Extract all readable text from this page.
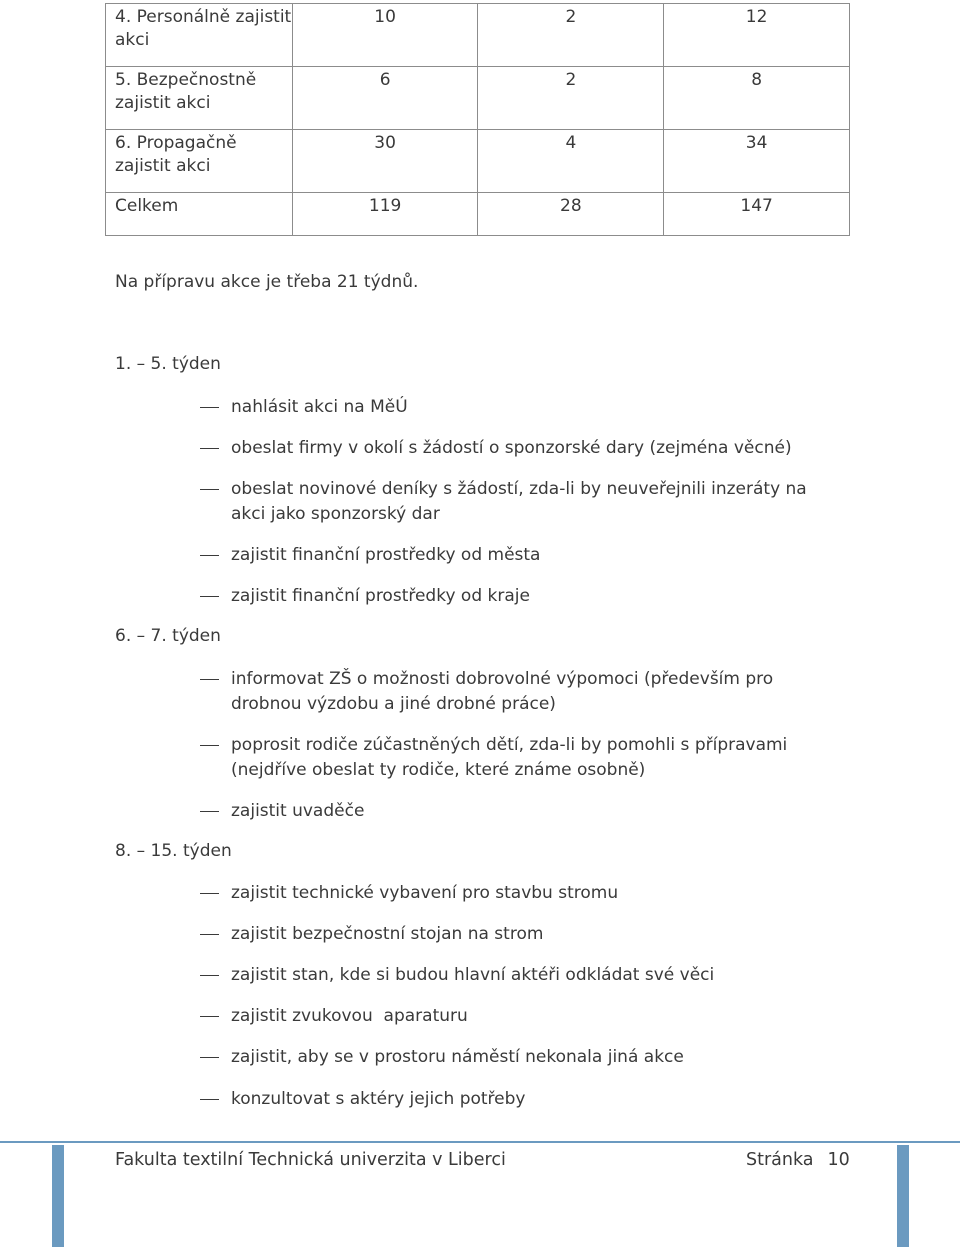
4. Personálně zajistit akci	10	2	12
5. Bezpečnostně zajistit akci	6	2	8
6. Propagačně zajistit akci	30	4	34
Celkem	119	28	147
Na přípravu akce je třeba 21 týdnů.
1. – 5. týden
nahlásit akci na MěÚ
obeslat firmy v okolí s žádostí o sponzorské dary (zejména věcné)
obeslat novinové deníky s žádostí, zda-li by neuveřejnili inzeráty na akci jako sponzorský dar
zajistit finanční prostředky od města
zajistit finanční prostředky od kraje
6. – 7. týden
informovat ZŠ o možnosti dobrovolné výpomoci (především pro drobnou výzdobu a jiné drobné práce)
poprosit rodiče zúčastněných dětí, zda-li by pomohli s přípravami (nejdříve obeslat ty rodiče, které známe osobně)
zajistit uvaděče
8. – 15. týden
zajistit technické vybavení pro stavbu stromu
zajistit bezpečnostní stojan na strom
zajistit stan, kde si budou hlavní aktéři odkládat své věci
zajistit zvukovou  aparaturu
zajistit, aby se v prostoru náměstí nekonala jiná akce
konzultovat s aktéry jejich potřeby
Fakulta textilní Technická univerzita v Liberci	Stránka 10
